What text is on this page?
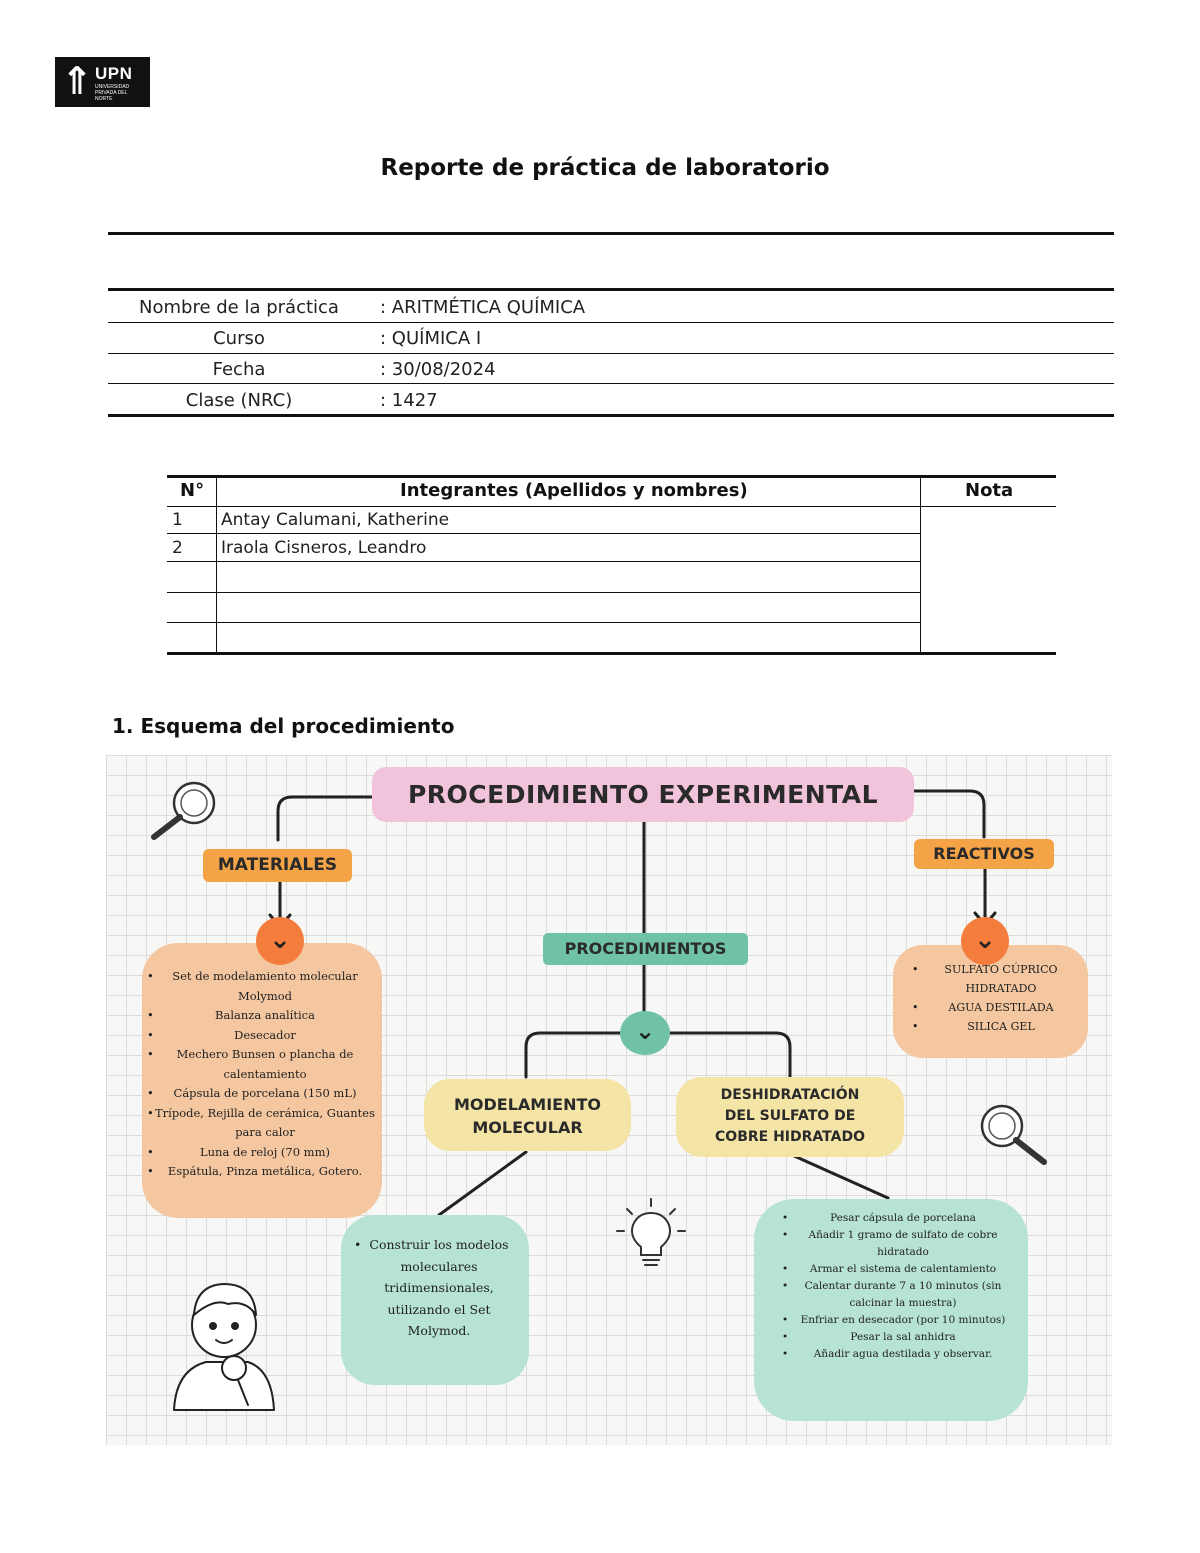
⇑ UPN
UNIVERSIDAD PRIVADA DEL NORTE
Reporte de práctica de laboratorio
Nombre de la práctica	: ARITMÉTICA QUÍMICA
Curso	: QUÍMICA I
Fecha	: 30/08/2024
Clase (NRC)	: 1427
N°	Integrantes (Apellidos y nombres)	Nota
1 Antay Calumani, Katherine
2 Iraola Cisneros, Leandro
1. Esquema del procedimiento
PROCEDIMIENTO EXPERIMENTAL
MATERIALES
⌄
• Set de modelamiento molecular Molymod
•	Balanza analítica
•	Desecador
• Mechero Bunsen o plancha de calentamiento
• Cápsula de porcelana (150 mL)
• Trípode, Rejilla de cerámica, Guantes para calor
•	Luna de reloj (70 mm)
• Espátula, Pinza metálica, Gotero.
REACTIVOS
⌄
• SULFATO CÚPRICO HIDRATADO
•	AGUA DESTILADA
•	SILICA GEL
PROCEDIMIENTOS
⌄
MODELAMIENTO
MOLECULAR
• Construir los modelos moleculares tridimensionales, utilizando el Set Molymod.
DESHIDRATACIÓN
DEL SULFATO DE
COBRE HIDRATADO
•	Pesar cápsula de porcelana
• Añadir 1 gramo de sulfato de cobre hidratado
• Armar el sistema de calentamiento
• Calentar durante 7 a 10 minutos (sin calcinar la muestra)
• Enfriar en desecador (por 10 minutos)
•	Pesar la sal anhidra
• Añadir agua destilada y observar.
